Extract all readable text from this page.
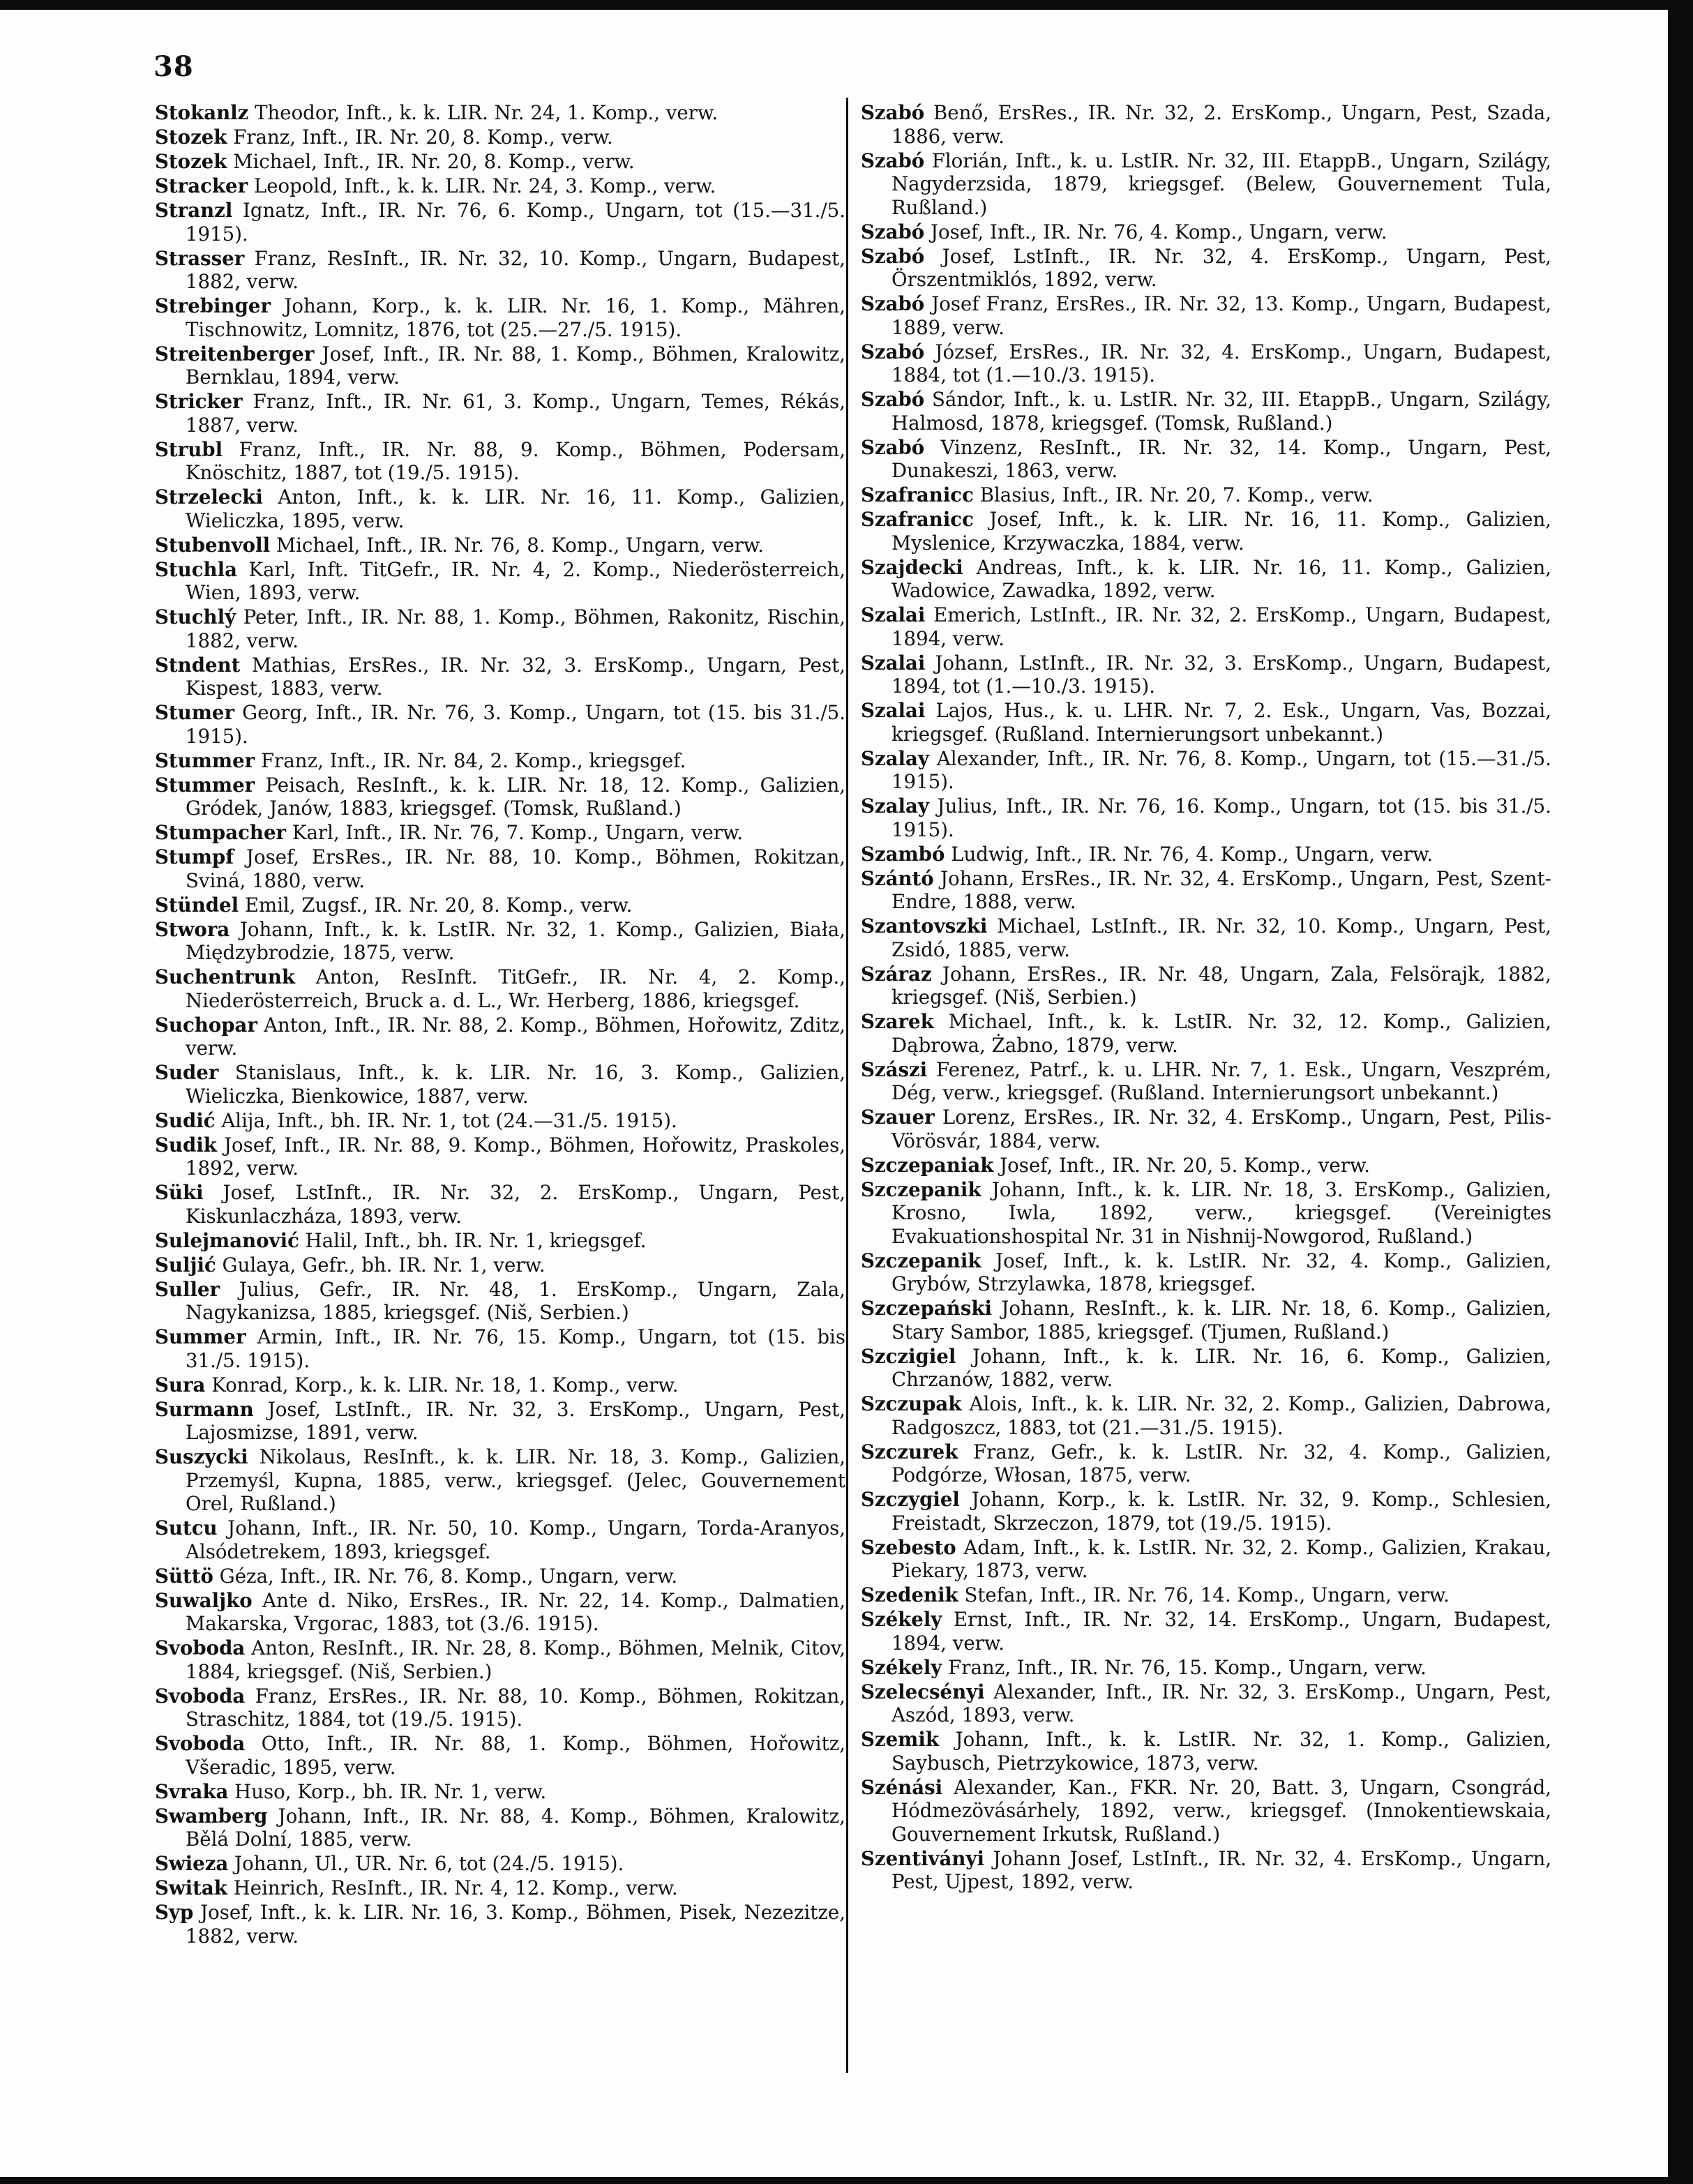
38

Stokanlz Theodor, Inft., k. k. LIR. Nr. 24, 1. Komp., verw.

Stozek Franz, Inft., IR. Nr. 20, 8. Komp., verw.

Stozek Michael, Inft., IR. Nr. 20, 8. Komp., verw.

Stracker Leopold, Inft., k. k. LIR. Nr. 24, 3. Komp., verw.

Stranzl Ignatz, Inft., IR. Nr. 76, 6. Komp., Ungarn, tot (15.—31./5. 1915).

Strasser Franz, ResInft., IR. Nr. 32, 10. Komp., Ungarn, Budapest, 1882, verw.

Strebinger Johann, Korp., k. k. LIR. Nr. 16, 1. Komp., Mähren, Tischnowitz, Lomnitz, 1876, tot (25.—27./5. 1915).

Streitenberger Josef, Inft., IR. Nr. 88, 1. Komp., Böhmen, Kralowitz, Bernklau, 1894, verw.

Stricker Franz, Inft., IR. Nr. 61, 3. Komp., Ungarn, Temes, Rékás, 1887, verw.

Strubl Franz, Inft., IR. Nr. 88, 9. Komp., Böhmen, Podersam, Knöschitz, 1887, tot (19./5. 1915).

Strzelecki Anton, Inft., k. k. LIR. Nr. 16, 11. Komp., Galizien, Wieliczka, 1895, verw.

Stubenvoll Michael, Inft., IR. Nr. 76, 8. Komp., Ungarn, verw.

Stuchla Karl, Inft. TitGefr., IR. Nr. 4, 2. Komp., Niederösterreich, Wien, 1893, verw.

Stuchlý Peter, Inft., IR. Nr. 88, 1. Komp., Böhmen, Rakonitz, Rischin, 1882, verw.

Stndent Mathias, ErsRes., IR. Nr. 32, 3. ErsKomp., Ungarn, Pest, Kispest, 1883, verw.

Stumer Georg, Inft., IR. Nr. 76, 3. Komp., Ungarn, tot (15. bis 31./5. 1915).

Stummer Franz, Inft., IR. Nr. 84, 2. Komp., kriegsgef.

Stummer Peisach, ResInft., k. k. LIR. Nr. 18, 12. Komp., Galizien, Gródek, Janów, 1883, kriegsgef. (Tomsk, Rußland.)

Stumpacher Karl, Inft., IR. Nr. 76, 7. Komp., Ungarn, verw.

Stumpf Josef, ErsRes., IR. Nr. 88, 10. Komp., Böhmen, Rokitzan, Sviná, 1880, verw.

Stündel Emil, Zugsf., IR. Nr. 20, 8. Komp., verw.

Stwora Johann, Inft., k. k. LstIR. Nr. 32, 1. Komp., Galizien, Biała, Międzybrodzie, 1875, verw.

Suchentrunk Anton, ResInft. TitGefr., IR. Nr. 4, 2. Komp., Niederösterreich, Bruck a. d. L., Wr. Herberg, 1886, kriegsgef.

Suchopar Anton, Inft., IR. Nr. 88, 2. Komp., Böhmen, Hořowitz, Zditz, verw.

Suder Stanislaus, Inft., k. k. LIR. Nr. 16, 3. Komp., Galizien, Wieliczka, Bienkowice, 1887, verw.

Sudić Alija, Inft., bh. IR. Nr. 1, tot (24.—31./5. 1915).

Sudik Josef, Inft., IR. Nr. 88, 9. Komp., Böhmen, Hořowitz, Praskoles, 1892, verw.

Süki Josef, LstInft., IR. Nr. 32, 2. ErsKomp., Ungarn, Pest, Kiskunlaczháza, 1893, verw.

Sulejmanović Halil, Inft., bh. IR. Nr. 1, kriegsgef.

Suljić Gulaya, Gefr., bh. IR. Nr. 1, verw.

Suller Julius, Gefr., IR. Nr. 48, 1. ErsKomp., Ungarn, Zala, Nagykanizsa, 1885, kriegsgef. (Niš, Serbien.)

Summer Armin, Inft., IR. Nr. 76, 15. Komp., Ungarn, tot (15. bis 31./5. 1915).

Sura Konrad, Korp., k. k. LIR. Nr. 18, 1. Komp., verw.

Surmann Josef, LstInft., IR. Nr. 32, 3. ErsKomp., Ungarn, Pest, Lajosmizse, 1891, verw.

Suszycki Nikolaus, ResInft., k. k. LIR. Nr. 18, 3. Komp., Galizien, Przemyśl, Kupna, 1885, verw., kriegsgef. (Jelec, Gouvernement Orel, Rußland.)

Sutcu Johann, Inft., IR. Nr. 50, 10. Komp., Ungarn, Torda-Aranyos, Alsódetrekem, 1893, kriegsgef.

Süttö Géza, Inft., IR. Nr. 76, 8. Komp., Ungarn, verw.

Suwaljko Ante d. Niko, ErsRes., IR. Nr. 22, 14. Komp., Dalmatien, Makarska, Vrgorac, 1883, tot (3./6. 1915).

Svoboda Anton, ResInft., IR. Nr. 28, 8. Komp., Böhmen, Melnik, Citov, 1884, kriegsgef. (Niš, Serbien.)

Svoboda Franz, ErsRes., IR. Nr. 88, 10. Komp., Böhmen, Rokitzan, Straschitz, 1884, tot (19./5. 1915).

Svoboda Otto, Inft., IR. Nr. 88, 1. Komp., Böhmen, Hořowitz, Všeradic, 1895, verw.

Svraka Huso, Korp., bh. IR. Nr. 1, verw.

Swamberg Johann, Inft., IR. Nr. 88, 4. Komp., Böhmen, Kralowitz, Bělá Dolní, 1885, verw.

Swieza Johann, Ul., UR. Nr. 6, tot (24./5. 1915).

Switak Heinrich, ResInft., IR. Nr. 4, 12. Komp., verw.

Syp Josef, Inft., k. k. LIR. Nr. 16, 3. Komp., Böhmen, Pisek, Nezezitze, 1882, verw.

Szabó Benő, ErsRes., IR. Nr. 32, 2. ErsKomp., Ungarn, Pest, Szada, 1886, verw.

Szabó Florián, Inft., k. u. LstIR. Nr. 32, III. EtappB., Ungarn, Szilágy, Nagyderzsida, 1879, kriegsgef. (Belew, Gouvernement Tula, Rußland.)

Szabó Josef, Inft., IR. Nr. 76, 4. Komp., Ungarn, verw.

Szabó Josef, LstInft., IR. Nr. 32, 4. ErsKomp., Ungarn, Pest, Örszentmiklós, 1892, verw.

Szabó Josef Franz, ErsRes., IR. Nr. 32, 13. Komp., Ungarn, Budapest, 1889, verw.

Szabó József, ErsRes., IR. Nr. 32, 4. ErsKomp., Ungarn, Budapest, 1884, tot (1.—10./3. 1915).

Szabó Sándor, Inft., k. u. LstIR. Nr. 32, III. EtappB., Ungarn, Szilágy, Halmosd, 1878, kriegsgef. (Tomsk, Rußland.)

Szabó Vinzenz, ResInft., IR. Nr. 32, 14. Komp., Ungarn, Pest, Dunakeszi, 1863, verw.

Szafranicc Blasius, Inft., IR. Nr. 20, 7. Komp., verw.

Szafranicc Josef, Inft., k. k. LIR. Nr. 16, 11. Komp., Galizien, Myslenice, Krzywaczka, 1884, verw.

Szajdecki Andreas, Inft., k. k. LIR. Nr. 16, 11. Komp., Galizien, Wadowice, Zawadka, 1892, verw.

Szalai Emerich, LstInft., IR. Nr. 32, 2. ErsKomp., Ungarn, Budapest, 1894, verw.

Szalai Johann, LstInft., IR. Nr. 32, 3. ErsKomp., Ungarn, Budapest, 1894, tot (1.—10./3. 1915).

Szalai Lajos, Hus., k. u. LHR. Nr. 7, 2. Esk., Ungarn, Vas, Bozzai, kriegsgef. (Rußland. Internierungsort unbekannt.)

Szalay Alexander, Inft., IR. Nr. 76, 8. Komp., Ungarn, tot (15.—31./5. 1915).

Szalay Julius, Inft., IR. Nr. 76, 16. Komp., Ungarn, tot (15. bis 31./5. 1915).

Szambó Ludwig, Inft., IR. Nr. 76, 4. Komp., Ungarn, verw.

Szántó Johann, ErsRes., IR. Nr. 32, 4. ErsKomp., Ungarn, Pest, Szent-Endre, 1888, verw.

Szantovszki Michael, LstInft., IR. Nr. 32, 10. Komp., Ungarn, Pest, Zsidó, 1885, verw.

Száraz Johann, ErsRes., IR. Nr. 48, Ungarn, Zala, Felsörajk, 1882, kriegsgef. (Niš, Serbien.)

Szarek Michael, Inft., k. k. LstIR. Nr. 32, 12. Komp., Galizien, Dąbrowa, Żabno, 1879, verw.

Szászi Ferenez, Patrf., k. u. LHR. Nr. 7, 1. Esk., Ungarn, Veszprém, Dég, verw., kriegsgef. (Rußland. Internierungsort unbekannt.)

Szauer Lorenz, ErsRes., IR. Nr. 32, 4. ErsKomp., Ungarn, Pest, Pilis-Vörösvár, 1884, verw.

Szczepaniak Josef, Inft., IR. Nr. 20, 5. Komp., verw.

Szczepanik Johann, Inft., k. k. LIR. Nr. 18, 3. ErsKomp., Galizien, Krosno, Iwla, 1892, verw., kriegsgef. (Vereinigtes Evakuationshospital Nr. 31 in Nishnij-Nowgorod, Rußland.)

Szczepanik Josef, Inft., k. k. LstIR. Nr. 32, 4. Komp., Galizien, Grybów, Strzylawka, 1878, kriegsgef.

Szczepański Johann, ResInft., k. k. LIR. Nr. 18, 6. Komp., Galizien, Stary Sambor, 1885, kriegsgef. (Tjumen, Rußland.)

Szczigiel Johann, Inft., k. k. LIR. Nr. 16, 6. Komp., Galizien, Chrzanów, 1882, verw.

Szczupak Alois, Inft., k. k. LIR. Nr. 32, 2. Komp., Galizien, Dabrowa, Radgoszcz, 1883, tot (21.—31./5. 1915).

Szczurek Franz, Gefr., k. k. LstIR. Nr. 32, 4. Komp., Galizien, Podgórze, Włosan, 1875, verw.

Szczygiel Johann, Korp., k. k. LstIR. Nr. 32, 9. Komp., Schlesien, Freistadt, Skrzeczon, 1879, tot (19./5. 1915).

Szebesto Adam, Inft., k. k. LstIR. Nr. 32, 2. Komp., Galizien, Krakau, Piekary, 1873, verw.

Szedenik Stefan, Inft., IR. Nr. 76, 14. Komp., Ungarn, verw.

Székely Ernst, Inft., IR. Nr. 32, 14. ErsKomp., Ungarn, Budapest, 1894, verw.

Székely Franz, Inft., IR. Nr. 76, 15. Komp., Ungarn, verw.

Szelecsényi Alexander, Inft., IR. Nr. 32, 3. ErsKomp., Ungarn, Pest, Aszód, 1893, verw.

Szemik Johann, Inft., k. k. LstIR. Nr. 32, 1. Komp., Galizien, Saybusch, Pietrzykowice, 1873, verw.

Szénási Alexander, Kan., FKR. Nr. 20, Batt. 3, Ungarn, Csongrád, Hódmezövásárhely, 1892, verw., kriegsgef. (Innokentiewskaia, Gouvernement Irkutsk, Rußland.)

Szentiványi Johann Josef, LstInft., IR. Nr. 32, 4. ErsKomp., Ungarn, Pest, Ujpest, 1892, verw.
